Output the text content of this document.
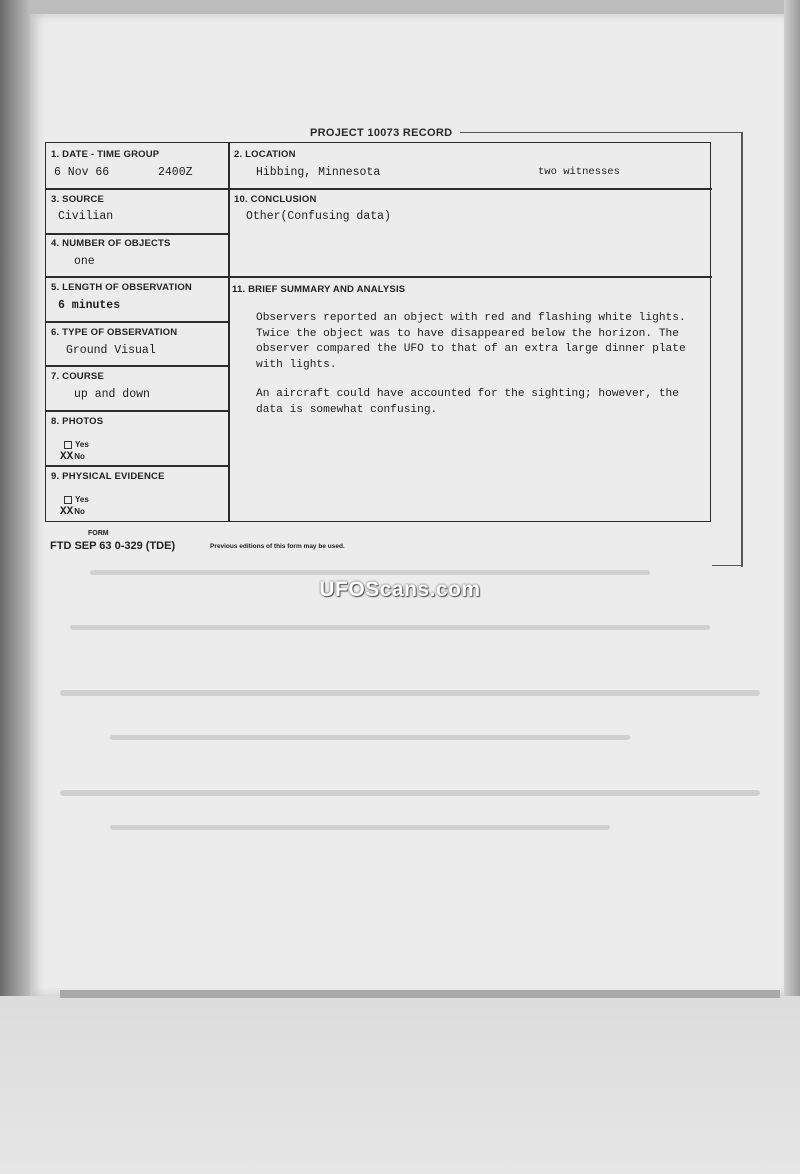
PROJECT 10073 RECORD
1. DATE - TIME GROUP
6 Nov 66	2400Z
2. LOCATION
Hibbing, Minnesota	two witnesses
3. SOURCE
Civilian
10. CONCLUSION
Other(Confusing data)
4. NUMBER OF OBJECTS
one
5. LENGTH OF OBSERVATION
6 minutes
11. BRIEF SUMMARY AND ANALYSIS

Observers reported an object with red and flashing white lights. Twice the object was to have disappeared below the horizon. The observer compared the UFO to that of an extra large dinner plate with lights.

An aircraft could have accounted for the sighting; however, the data is somewhat confusing.

6. TYPE OF OBSERVATION
Ground Visual
7. COURSE
up and down
8. PHOTOS
Yes
XXNo
9. PHYSICAL EVIDENCE
Yes
XXNo
FORM
FTD SEP 63 0-329 (TDE)	Previous editions of this form may be used.
UFOScans.com
